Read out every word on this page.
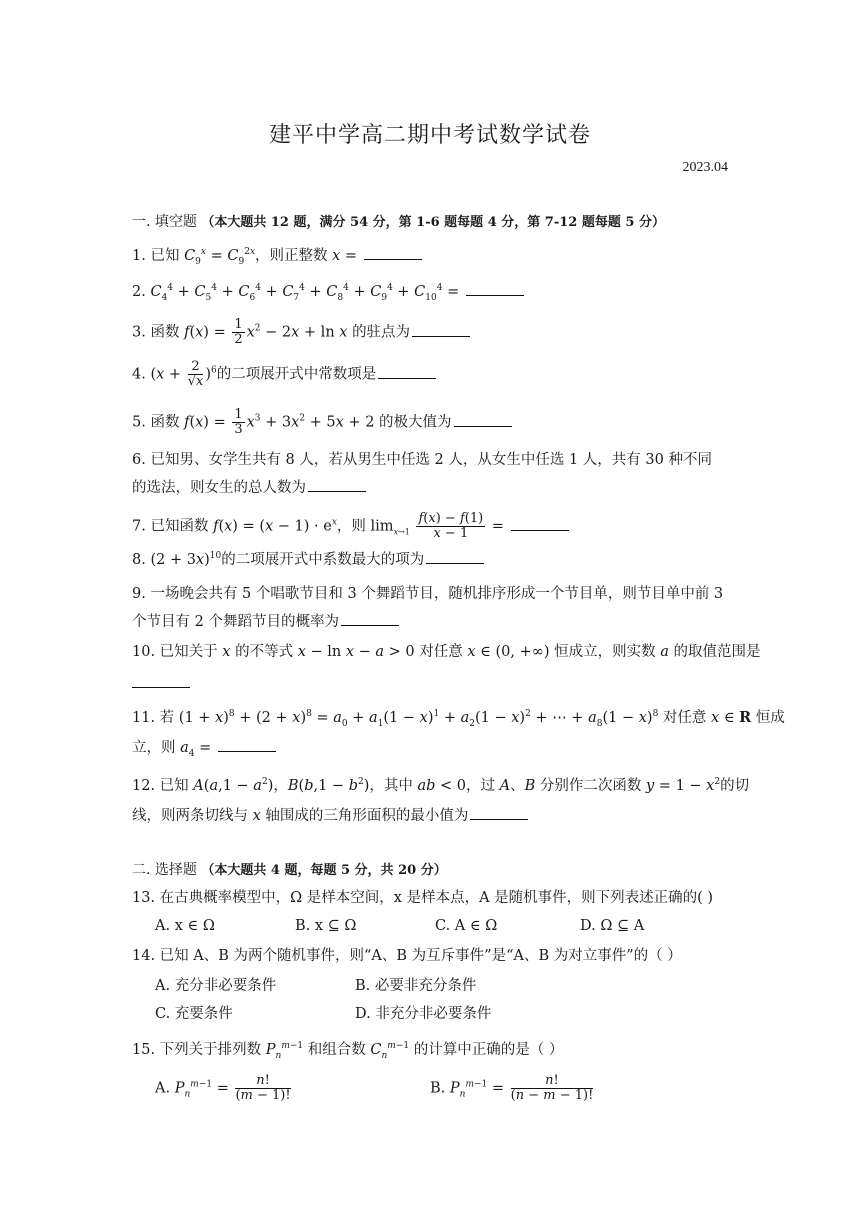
建平中学高二期中考试数学试卷
2023.04
一. 填空题 （本大题共 12 题，满分 54 分，第 1-6 题每题 4 分，第 7-12 题每题 5 分）
1. 已知 $C_9^x = C_9^{2x}$，则正整数 x =
2. $C_4^4 + C_5^4 + C_6^4 + C_7^4 + C_8^4 + C_9^4 + C_{10}^4$ =
3. 函数 $f(x) = \frac{1}{2} x^2 - 2x + \ln x$ 的驻点为
4. $(x + \frac{2}{√x} )^6$的二项展开式中常数项是
5. 函数 $f(x) = \frac{1}{3} x^3 + 3x^2 + 5x + 2$ 的极大值为
6. 已知男、女学生共有 8 人，若从男生中任选 2 人，从女生中任选 1 人，共有 30 种不同
的选法，则女生的总人数为
7. 已知函数 $f(x) = (x - 1) \cdot e^x$，则 $\lim_{x\to 1} \frac{f(x) - f(1)}{x - 1}$ =
8. $(2 + 3x)^{10}$的二项展开式中系数最大的项为
9. 一场晚会共有 5 个唱歌节目和 3 个舞蹈节目，随机排序形成一个节目单，则节目单中前 3
个节目有 2 个舞蹈节目的概率为
10. 已知关于 x 的不等式 x − ln x − a > 0 对任意 x ∈ (0, +∞) 恒成立，则实数 a 的取值范围是
11. 若 $(1 + x)^8 + (2 + x)^8 = a_0 + a_1(1 - x)^1 + a_2(1 - x)^2$ + ⋯ + $a_8(1 - x)^8$ 对任意 x ∈ R 恒成
立，则 $a_4$ =
12. 已知 $A(a,1 - a^2)$，$B(b,1 - b^2)$，其中 ab < 0，过 A、B 分别作二次函数 $y = 1 - x^2$的切
线，则两条切线与 x 轴围成的三角形面积的最小值为
二. 选择题 （本大题共 4 题，每题 5 分，共 20 分）
13. 在古典概率模型中，Ω 是样本空间，x 是样本点，A 是随机事件，则下列表述正确的( )
A. x ∈ Ω	B. x ⊆ Ω	C. A ∈ Ω	D. Ω ⊆ A
14. 已知 A、B 为两个随机事件，则“A、B 为互斥事件”是“A、B 为对立事件”的（ ）
A. 充分非必要条件	B. 必要非充分条件
C. 充要条件	D. 非充分非必要条件
15. 下列关于排列数 $P_n^{m-1}$ 和组合数 $C_n^{m-1}$ 的计算中正确的是（ ）
A. $P_n^{m-1} = \frac{n!}{(m - 1)!}$	B. $P_n^{m-1} = \frac{n!}{(n - m - 1)!}$
